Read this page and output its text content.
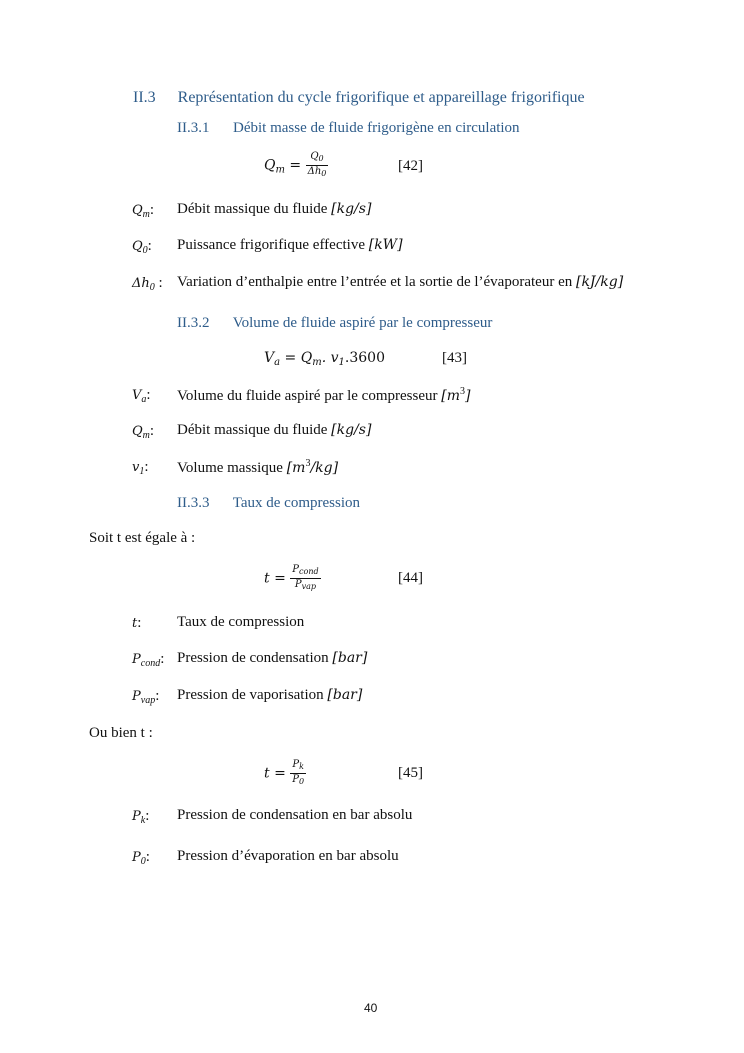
II.3 Représentation du cycle frigorifique et appareillage frigorifique
II.3.1 Débit masse de fluide frigorigène en circulation
$Q_m = \frac{Q_0}{\Delta h_0}$	[42]
$Q_m$: Débit massique du fluide [kg/s]
$Q_0$: Puissance frigorifique effective [kW]
$\Delta h_0$ : Variation d’enthalpie entre l’entrée et la sortie de l’évaporateur en [kJ/kg]
II.3.2 Volume de fluide aspiré par le compresseur
$V_a = Q_m$. $v_1.3600$	[43]
$V_a$: Volume du fluide aspiré par le compresseur $[m^3]$
$Q_m$: Débit massique du fluide [kg/s]
$v_1$: Volume massique $[m^3/kg]$
II.3.3 Taux de compression
Soit t est égale à :
$t = \frac{P_{cond}}{P_{vap}}$	[44]
t: Taux de compression
$P_{cond}$: Pression de condensation [bar]
$P_{vap}$: Pression de vaporisation [bar]
Ou bien t :
$t = \frac{P_k}{P_0}$	[45]
$P_k$: Pression de condensation en bar absolu
$P_0$: Pression d’évaporation en bar absolu
40
